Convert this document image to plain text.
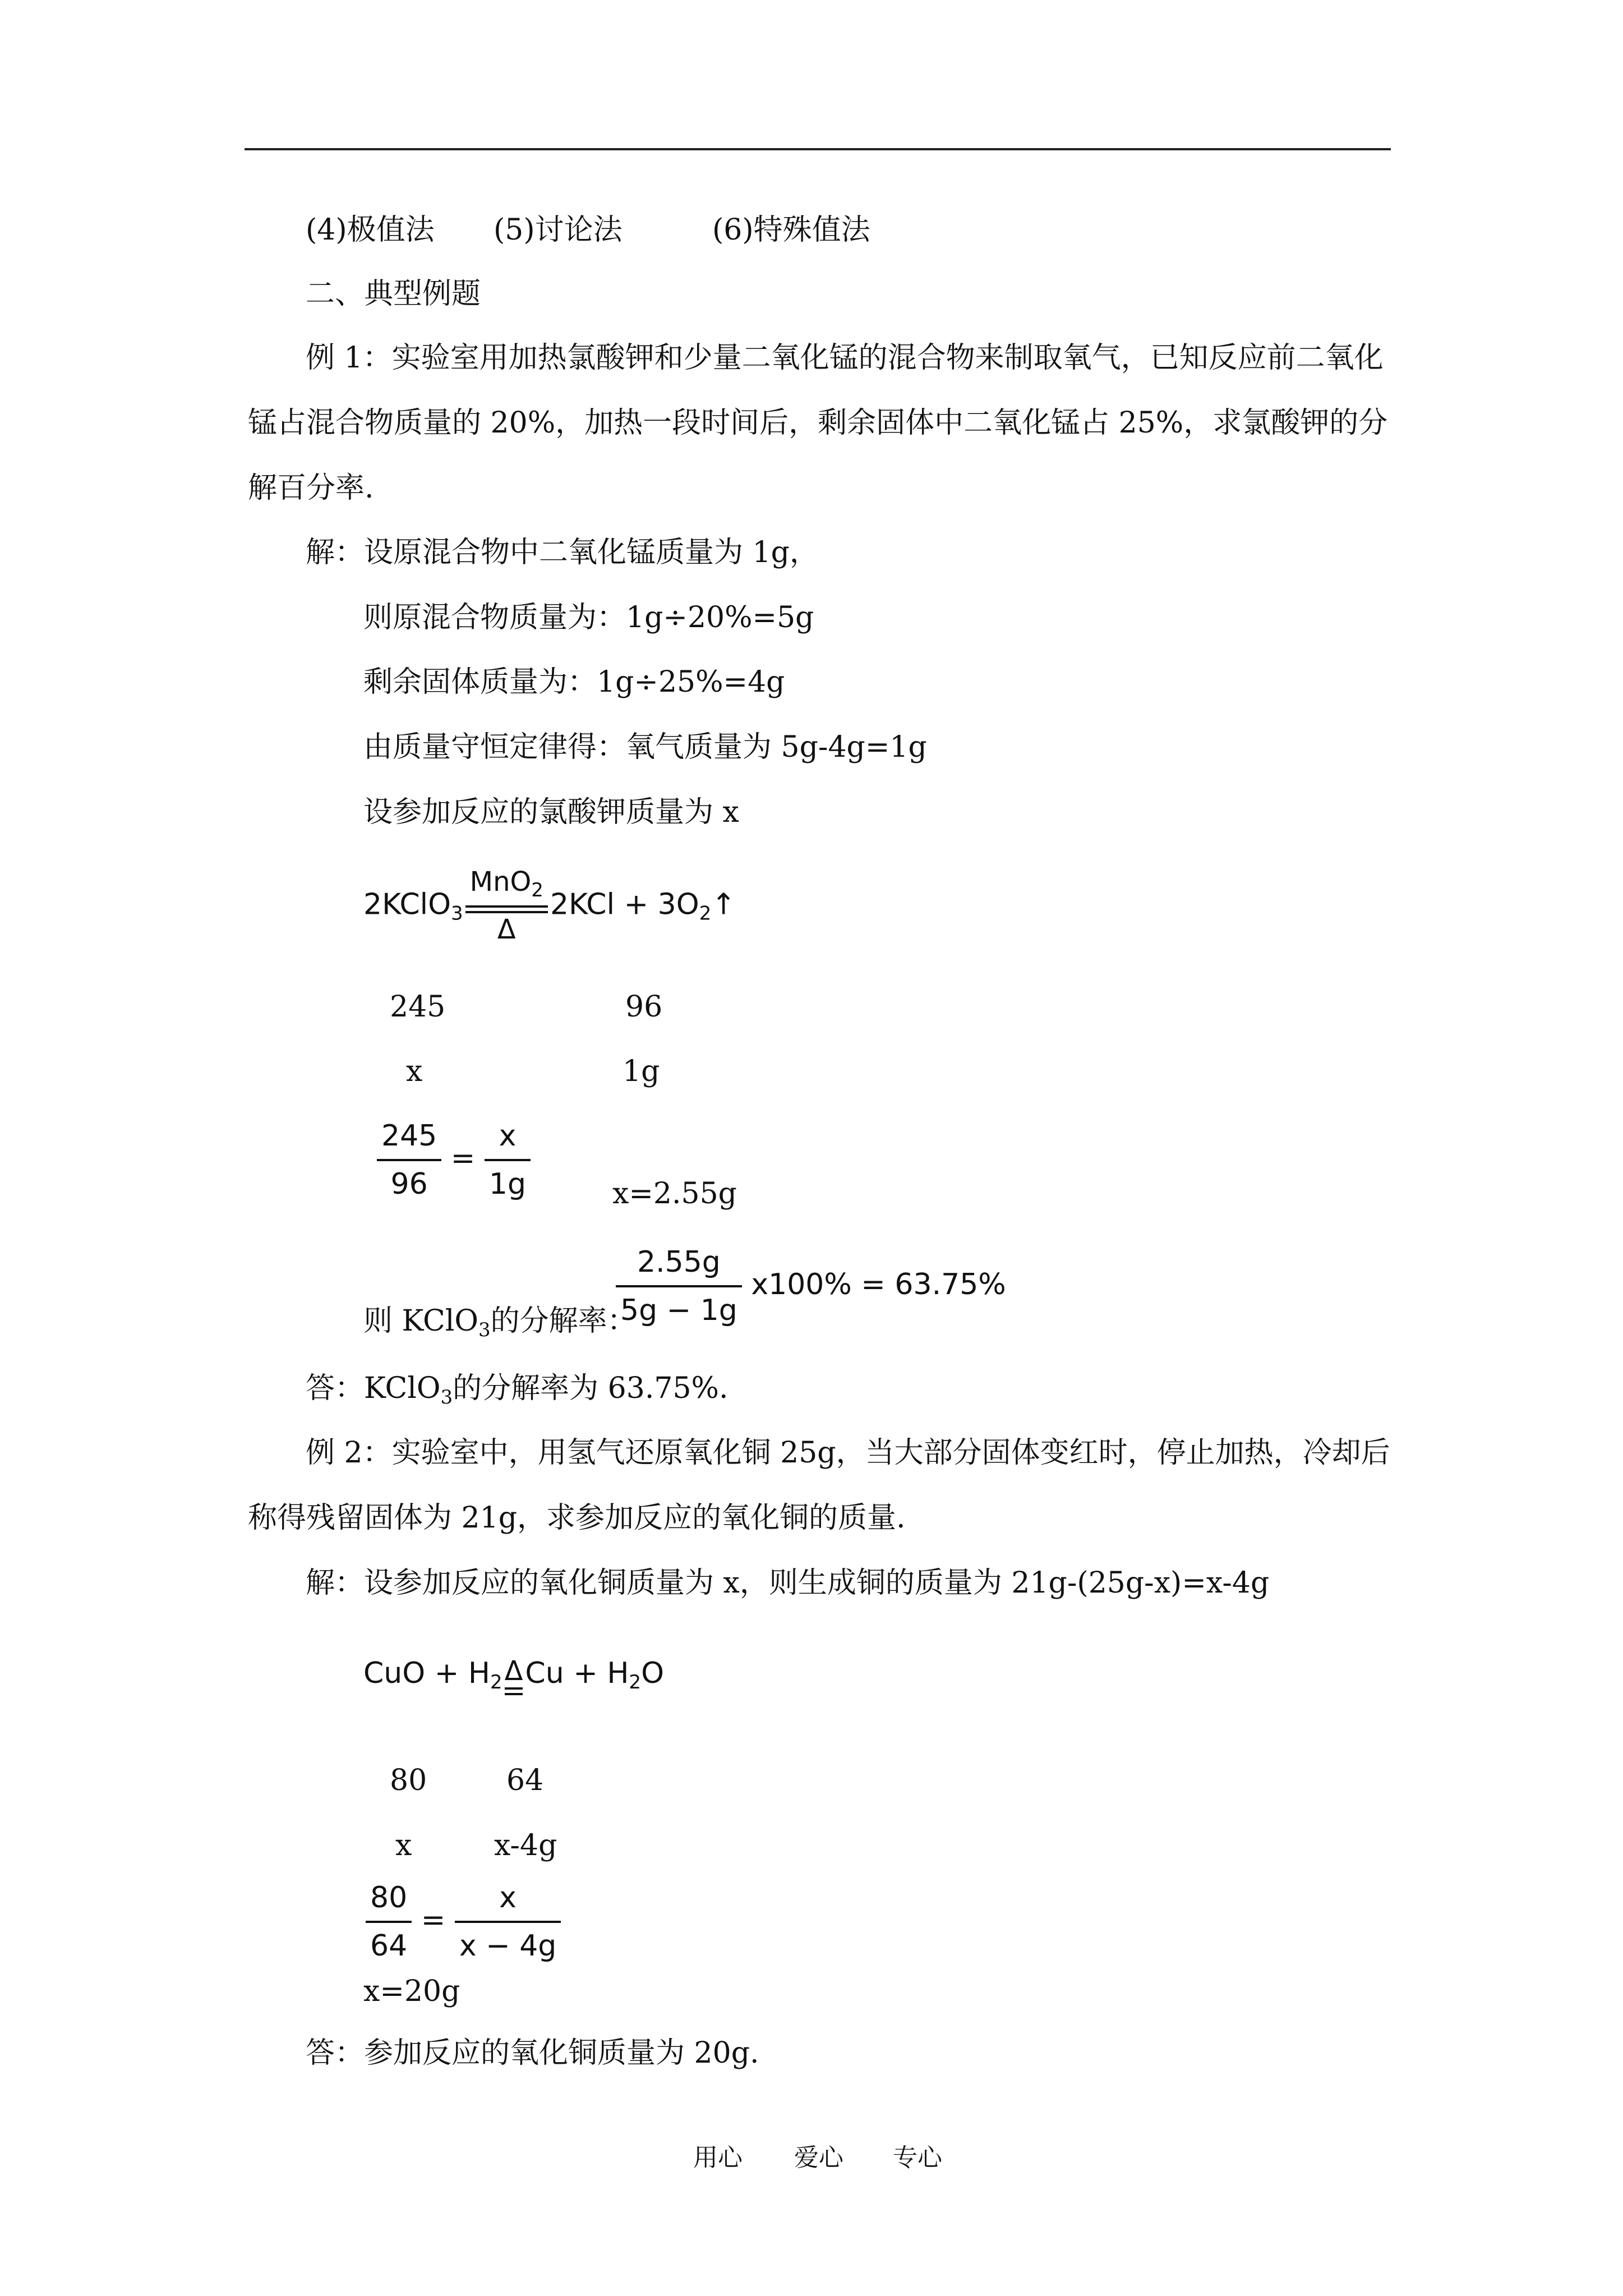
(4)极值法 (5)讨论法	(6)特殊值法
二、典型例题
例 1：实验室用加热氯酸钾和少量二氧化锰的混合物来制取氧气，已知反应前二氧化锰占混合物质量的 20%，加热一段时间后，剩余固体中二氧化锰占 25%，求氯酸钾的分解百分率.
解：设原混合物中二氧化锰质量为 1g，
则原混合物质量为：1g÷20%=5g
剩余固体质量为：1g÷25%=4g
由质量守恒定律得：氧气质量为 5g-4g=1g
设参加反应的氯酸钾质量为 x
2KClO$_3$
MnO$_2$
Δ
$2KCl + 3O_2↑$
245	96
x	1g
$\frac{245}{96} = \frac{x}{1g}$	x=2.55g
则 KClO$_3$的分解率：
$\frac{2.55g}{5g - 1g} x100\% = 63.75\%$
答：KClO$_3$的分解率为 63.75%.
例 2：实验室中，用氢气还原氧化铜 25g，当大部分固体变红时，停止加热，冷却后称得残留固体为 21g，求参加反应的氧化铜的质量.
解：设参加反应的氧化铜质量为 x，则生成铜的质量为 21g-(25g-x)=x-4g
CuO + $H_2$ Δ $Cu + H_2O$
80	64
x	x-4g
$\frac{80}{64} = \frac{x}{x - 4g}$
x=20g
答：参加反应的氧化铜质量为 20g.
用心 爱心 专心
